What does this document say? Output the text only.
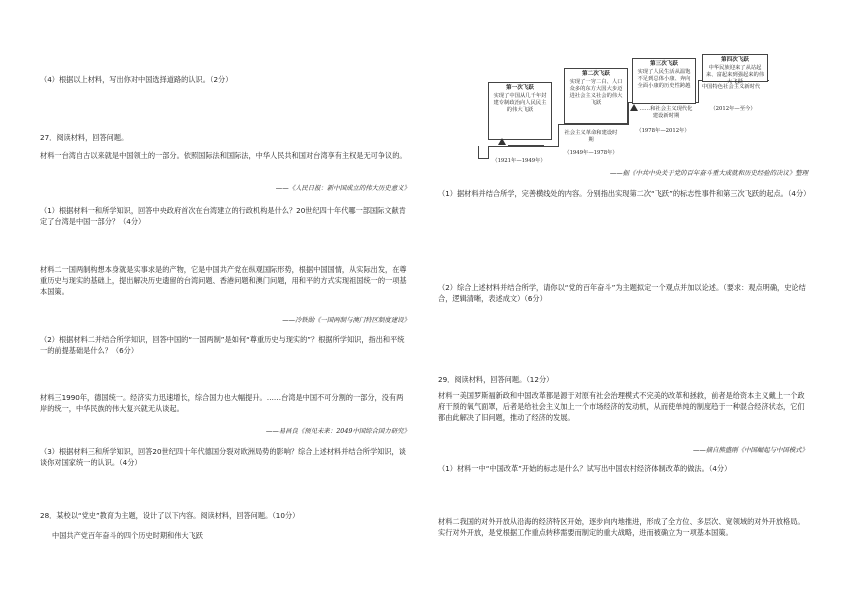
（4）根据以上材料，写出你对中国选择道路的认识。（2分）

27．阅读材料，回答问题。

材料一台湾自古以来就是中国领土的一部分。依照国际法和国际法，中华人民共和国对台湾享有主权是无可争议的。

——《人民日报：新中国成立的伟大历史意义》

（1）根据材料一和所学知识，回答中央政府首次在台湾建立的行政机构是什么？20世纪四十年代哪一部国际文献肯定了台湾是中国一部分？（4分）

材料二一国两制构想本身就是实事求是的产物，它是中国共产党在纵观国际形势，根据中国国情，从实际出发，在尊重历史与现实的基础上，提出解决历史遗留的台湾问题、香港问题和澳门问题，用和平的方式实现祖国统一的一项基本国策。

——冷铁勋《一国两制与澳门特区制度建设》

（2）根据材料二并结合所学知识，回答中国的“一国两制”是如何“尊重历史与现实的”？根据所学知识，指出和平统一的前提基础是什么？（6分）

材料三1990年，德国统一。经济实力迅速增长，综合国力也大幅提升。……台湾是中国不可分割的一部分，没有两岸的统一，中华民族的伟大复兴就无从谈起。

——易昌良《预见未来：2049中国综合国力研究》

（3）根据材料三和所学知识，回答20世纪四十年代德国分裂对欧洲局势的影响？综合上述材料并结合所学知识，谈谈你对国家统一的认识。（4分）

28．某校以“党史”教育为主题，设计了以下内容。阅读材料，回答问题。（10分）

中国共产党百年奋斗的四个历史时期和伟大飞跃

第一次飞跃
实现了中国从几千年封建专制政治向人民民主的伟大飞跃
第二次飞跃
实现了一穷二白、人口众多的东方大国大步迈进社会主义社会的伟大飞跃
第三次飞跃
实现了人民生活从温饱不足到总体小康、奔向全面小康的历史性跨越
第四次飞跃
中华民族迎来了从站起来、富起来到强起来的伟大飞跃
（1921年—1949年）
社会主义革命和建设时期
（1949年—1978年）
……和社会主义现代化建设新时期
（1978年—2012年）
中国特色社会主义新时代
（2012年—至今）

——据《中共中央关于党的百年奋斗重大成就和历史经验的决议》整理

（1）据材料并结合所学，完善横线处的内容。分别指出实现第二次“飞跃”的标志性事件和第三次飞跃的起点。（4分）

（2）综合上述材料并结合所学，请你以“党的百年奋斗”为主题拟定一个观点并加以论述。（要求：观点明确，史论结合，逻辑清晰，表述成文）（6分）

29．阅读材料，回答问题。（12分）

材料一美国罗斯福新政和中国改革都是源于对原有社会治理模式不完美的改革和拯救，前者是给资本主义戴上一个政府干预的氧气面罩，后者是给社会主义加上一个市场经济的发动机，从而使单纯的制度趋于一种混合经济状态，它们都由此解决了旧问题，推动了经济的发展。

——摘自熊盛刚《中国崛起与中国模式》

（1）材料一中“中国改革”开始的标志是什么？试写出中国农村经济体制改革的做法。（4分）

材料二我国的对外开放从沿海的经济特区开始，逐步向内地推进，形成了全方位、多层次、宽领域的对外开放格局。实行对外开放，是党根据工作重点转移需要而制定的重大战略，进而被确立为一项基本国策。
